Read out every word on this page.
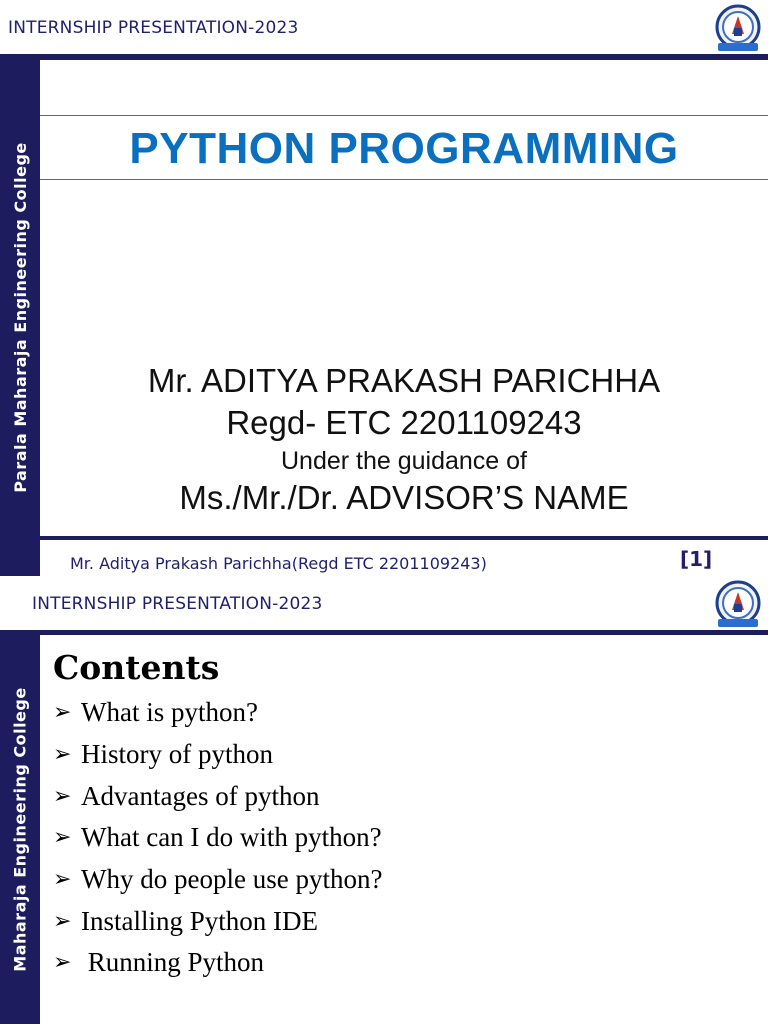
INTERNSHIP PRESENTATION-2023
Parala Maharaja Engineering College	PYTHON PROGRAMMING
Mr. ADITYA PRAKASH PARICHHA
Regd- ETC 2201109243
Under the guidance of
Ms./Mr./Dr. ADVISOR’S NAME
Mr. Aditya Prakash Parichha(Regd ETC 2201109243)	[1]
INTERNSHIP PRESENTATION-2023
Maharaja Engineering College
Contents
➢ What is python?
➢ History of python
➢ Advantages of python
➢ What can I do with python?
➢ Why do people use python?
➢ Installing Python IDE
➢ Running Python
